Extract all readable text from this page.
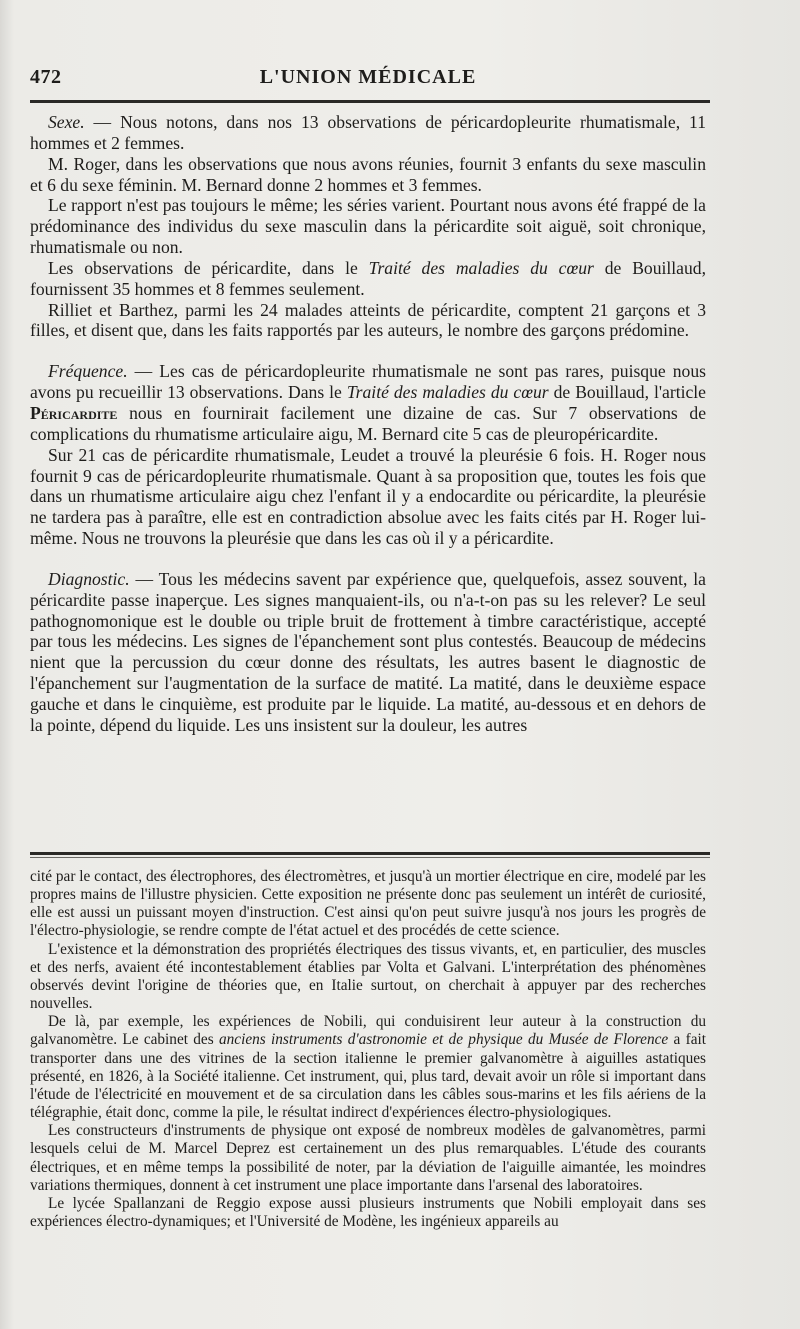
472	L'UNION MÉDICALE

Sexe. — Nous notons, dans nos 13 observations de péricardopleurite rhumatismale, 11 hommes et 2 femmes.

M. Roger, dans les observations que nous avons réunies, fournit 3 enfants du sexe masculin et 6 du sexe féminin. M. Bernard donne 2 hommes et 3 femmes.

Le rapport n'est pas toujours le même; les séries varient. Pourtant nous avons été frappé de la prédominance des individus du sexe masculin dans la péricardite soit aiguë, soit chronique, rhumatismale ou non.

Les observations de péricardite, dans le Traité des maladies du cœur de Bouillaud, fournissent 35 hommes et 8 femmes seulement.

Rilliet et Barthez, parmi les 24 malades atteints de péricardite, comptent 21 garçons et 3 filles, et disent que, dans les faits rapportés par les auteurs, le nombre des garçons prédomine.

Fréquence. — Les cas de péricardopleurite rhumatismale ne sont pas rares, puisque nous avons pu recueillir 13 observations. Dans le Traité des maladies du cœur de Bouillaud, l'article Péricardite nous en fournirait facilement une dizaine de cas. Sur 7 observations de complications du rhumatisme articulaire aigu, M. Bernard cite 5 cas de pleuropéricardite.

Sur 21 cas de péricardite rhumatismale, Leudet a trouvé la pleurésie 6 fois. H. Roger nous fournit 9 cas de péricardopleurite rhumatismale. Quant à sa proposition que, toutes les fois que dans un rhumatisme articulaire aigu chez l'enfant il y a endocardite ou péricardite, la pleurésie ne tardera pas à paraître, elle est en contradiction absolue avec les faits cités par H. Roger lui-même. Nous ne trouvons la pleurésie que dans les cas où il y a péricardite.

Diagnostic. — Tous les médecins savent par expérience que, quelquefois, assez souvent, la péricardite passe inaperçue. Les signes manquaient-ils, ou n'a-t-on pas su les relever? Le seul pathognomonique est le double ou triple bruit de frottement à timbre caractéristique, accepté par tous les médecins. Les signes de l'épanchement sont plus contestés. Beaucoup de médecins nient que la percussion du cœur donne des résultats, les autres basent le diagnostic de l'épanchement sur l'augmentation de la surface de matité. La matité, dans le deuxième espace gauche et dans le cinquième, est produite par le liquide. La matité, au-dessous et en dehors de la pointe, dépend du liquide. Les uns insistent sur la douleur, les autres

cité par le contact, des électrophores, des électromètres, et jusqu'à un mortier électrique en cire, modelé par les propres mains de l'illustre physicien. Cette exposition ne présente donc pas seulement un intérêt de curiosité, elle est aussi un puissant moyen d'instruction. C'est ainsi qu'on peut suivre jusqu'à nos jours les progrès de l'électro-physiologie, se rendre compte de l'état actuel et des procédés de cette science.

L'existence et la démonstration des propriétés électriques des tissus vivants, et, en particulier, des muscles et des nerfs, avaient été incontestablement établies par Volta et Galvani. L'interprétation des phénomènes observés devint l'origine de théories que, en Italie surtout, on cherchait à appuyer par des recherches nouvelles.

De là, par exemple, les expériences de Nobili, qui conduisirent leur auteur à la construction du galvanomètre. Le cabinet des anciens instruments d'astronomie et de physique du Musée de Florence a fait transporter dans une des vitrines de la section italienne le premier galvanomètre à aiguilles astatiques présenté, en 1826, à la Société italienne. Cet instrument, qui, plus tard, devait avoir un rôle si important dans l'étude de l'électricité en mouvement et de sa circulation dans les câbles sous-marins et les fils aériens de la télégraphie, était donc, comme la pile, le résultat indirect d'expériences électro-physiologiques.

Les constructeurs d'instruments de physique ont exposé de nombreux modèles de galvanomètres, parmi lesquels celui de M. Marcel Deprez est certainement un des plus remarquables. L'étude des courants électriques, et en même temps la possibilité de noter, par la déviation de l'aiguille aimantée, les moindres variations thermiques, donnent à cet instrument une place importante dans l'arsenal des laboratoires.

Le lycée Spallanzani de Reggio expose aussi plusieurs instruments que Nobili employait dans ses expériences électro-dynamiques; et l'Université de Modène, les ingénieux appareils au
